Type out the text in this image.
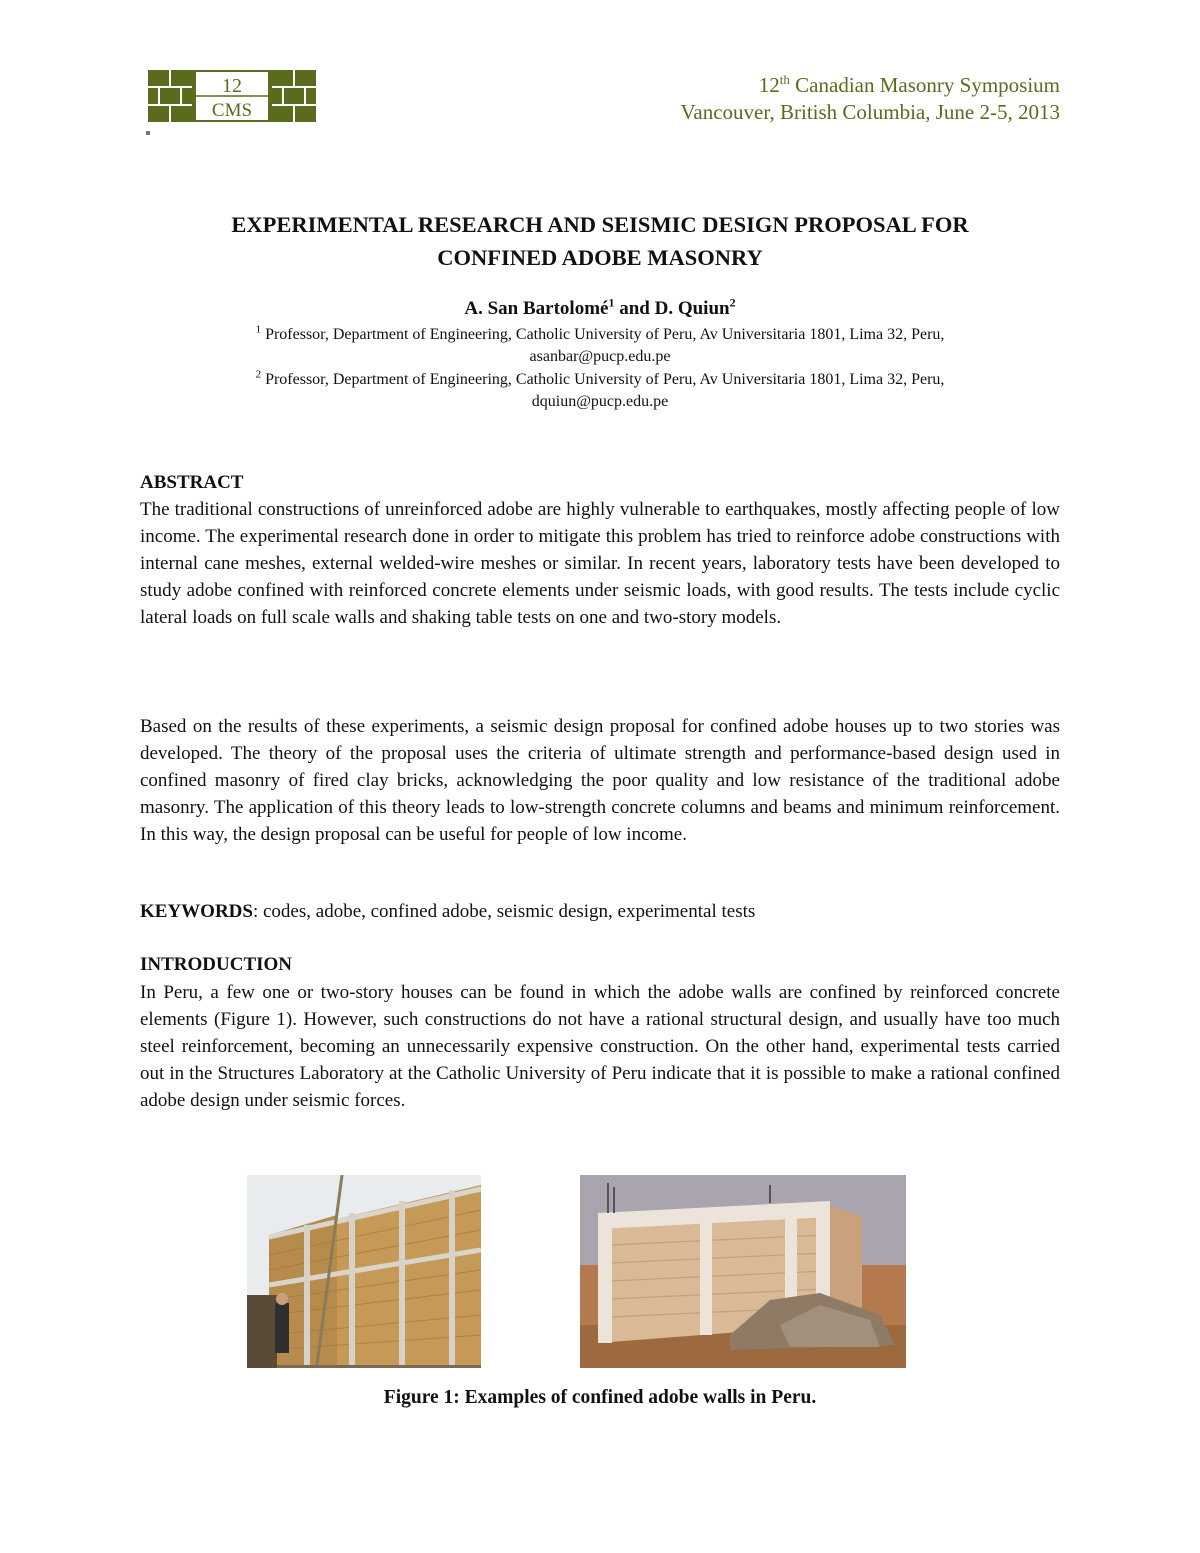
12
CMS
12th Canadian Masonry Symposium
Vancouver, British Columbia, June 2-5, 2013
EXPERIMENTAL RESEARCH AND SEISMIC DESIGN PROPOSAL FOR
CONFINED ADOBE MASONRY
A. San Bartolomé$^1$ and D. Quiun$^2$
$^1$ Professor, Department of Engineering, Catholic University of Peru, Av Universitaria 1801, Lima 32, Peru,
asanbar@pucp.edu.pe
$^2$ Professor, Department of Engineering, Catholic University of Peru, Av Universitaria 1801, Lima 32, Peru,
dquiun@pucp.edu.pe
ABSTRACT

The traditional constructions of unreinforced adobe are highly vulnerable to earthquakes, mostly affecting people of low income. The experimental research done in order to mitigate this problem has tried to reinforce adobe constructions with internal cane meshes, external welded-wire meshes or similar. In recent years, laboratory tests have been developed to study adobe confined with reinforced concrete elements under seismic loads, with good results. The tests include cyclic lateral loads on full scale walls and shaking table tests on one and two-story models.

Based on the results of these experiments, a seismic design proposal for confined adobe houses up to two stories was developed. The theory of the proposal uses the criteria of ultimate strength and performance-based design used in confined masonry of fired clay bricks, acknowledging the poor quality and low resistance of the traditional adobe masonry. The application of this theory leads to low-strength concrete columns and beams and minimum reinforcement. In this way, the design proposal can be useful for people of low income.

KEYWORDS: codes, adobe, confined adobe, seismic design, experimental tests
INTRODUCTION

In Peru, a few one or two-story houses can be found in which the adobe walls are confined by reinforced concrete elements (Figure 1). However, such constructions do not have a rational structural design, and usually have too much steel reinforcement, becoming an unnecessarily expensive construction. On the other hand, experimental tests carried out in the Structures Laboratory at the Catholic University of Peru indicate that it is possible to make a rational confined adobe design under seismic forces.

Figure 1: Examples of confined adobe walls in Peru.
